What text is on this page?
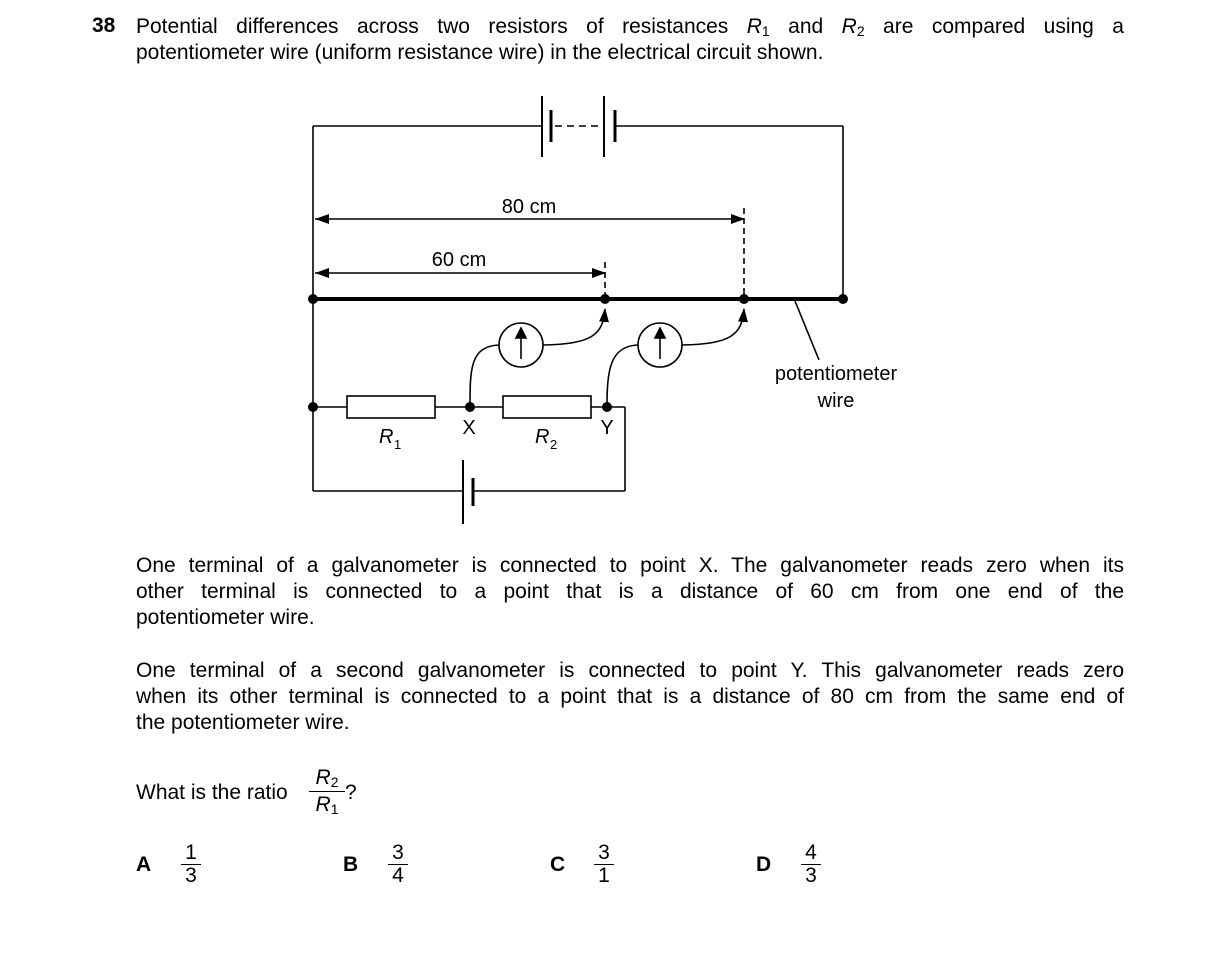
38 Potential differences across two resistors of resistances $R_1$ and $R_2$ are compared using a
potentiometer wire (uniform resistance wire) in the electrical circuit shown.
80 cm
60 cm
potentiometer
wire
X	Y
R 1	R 2
One terminal of a galvanometer is connected to point X. The galvanometer reads zero when its
other terminal is connected to a point that is a distance of 60 cm from one end of the
potentiometer wire.
One terminal of a second galvanometer is connected to point Y. This galvanometer reads zero
when its other terminal is connected to a point that is a distance of 80 cm from the same end of
the potentiometer wire.
What is the ratio
$R_2$
$R_1$
?
A
1
3	B
3
4	C
3
1	D
4
3
